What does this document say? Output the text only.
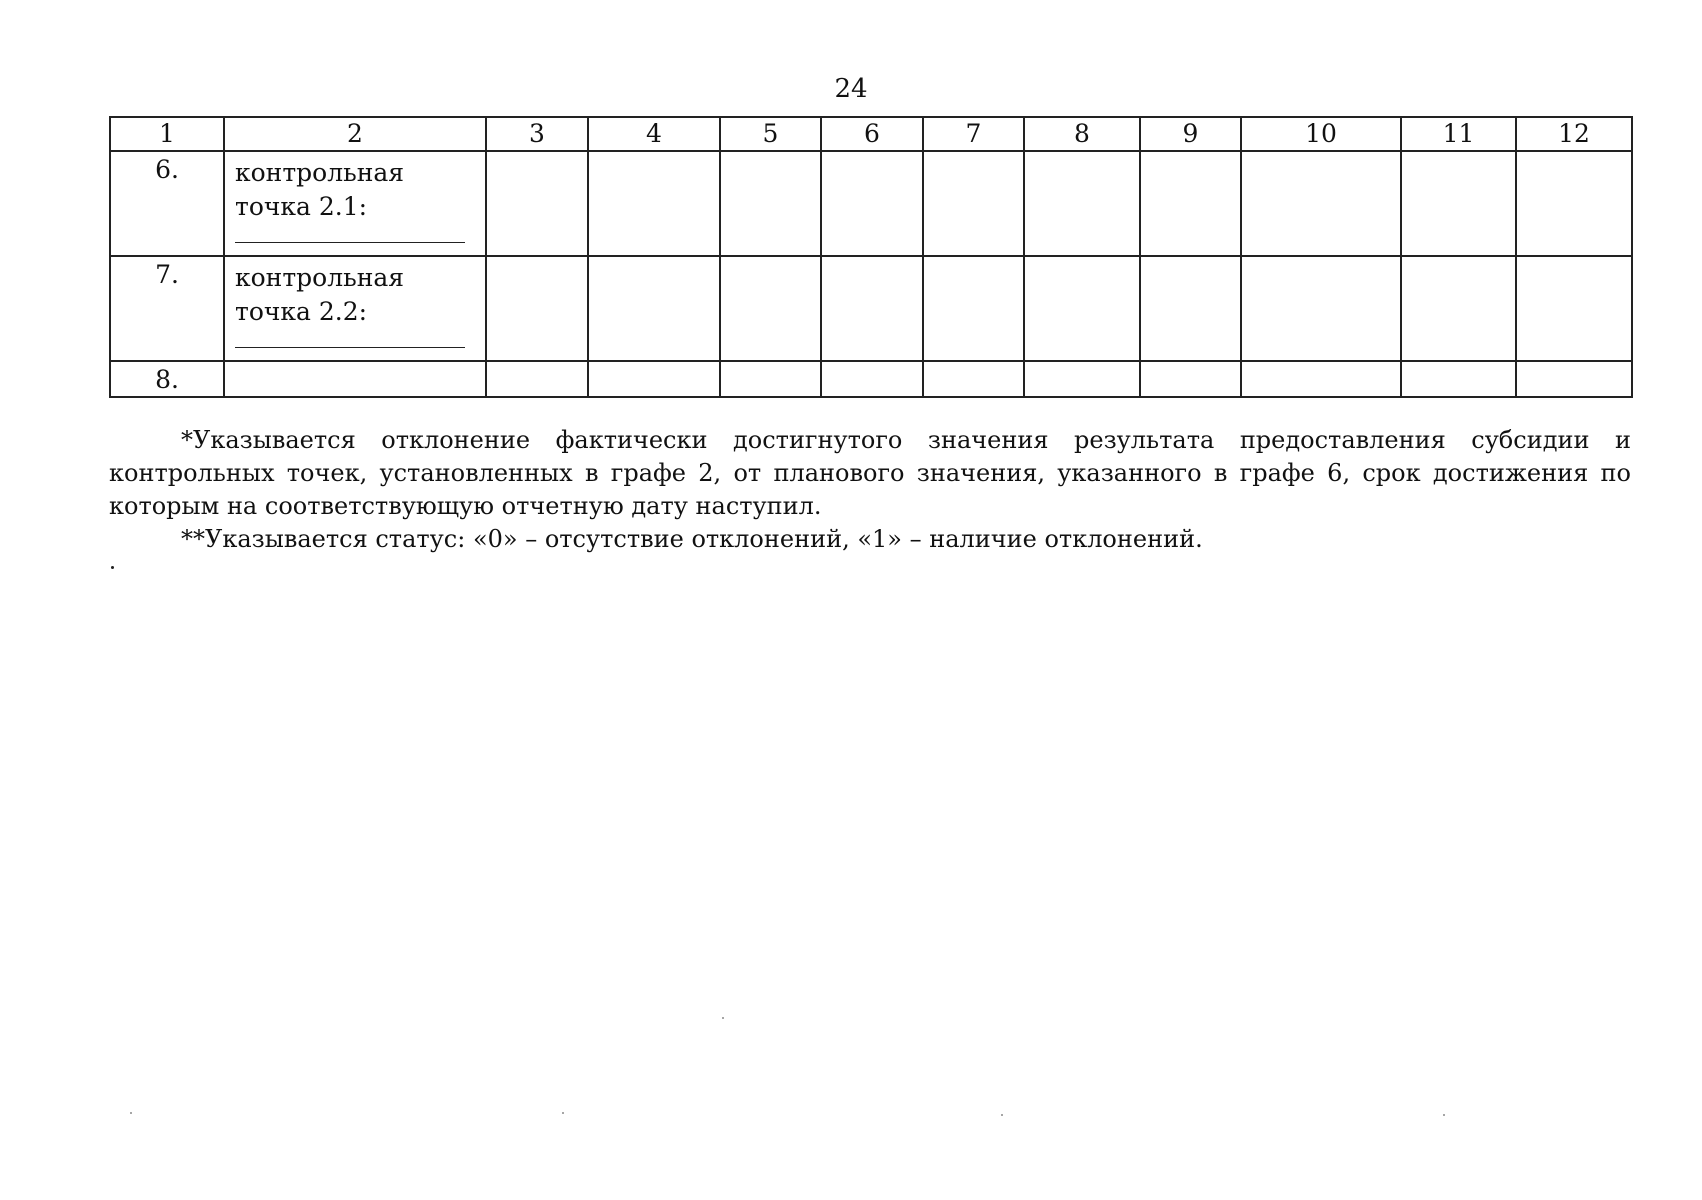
24
1	2	3	4	5	6	7	8	9	10	11	12
6.	контрольная точка 2.1:

7.	контрольная точка 2.2:

8.											

*Указывается отклонение фактически достигнутого значения результата предоставления субсидии и контрольных точек, установленных в графе 2, от планового значения, указанного в графе 6, срок достижения по которым на соответствующую отчетную дату наступил.

**Указывается статус: «0» – отсутствие отклонений, «1» – наличие отклонений.
